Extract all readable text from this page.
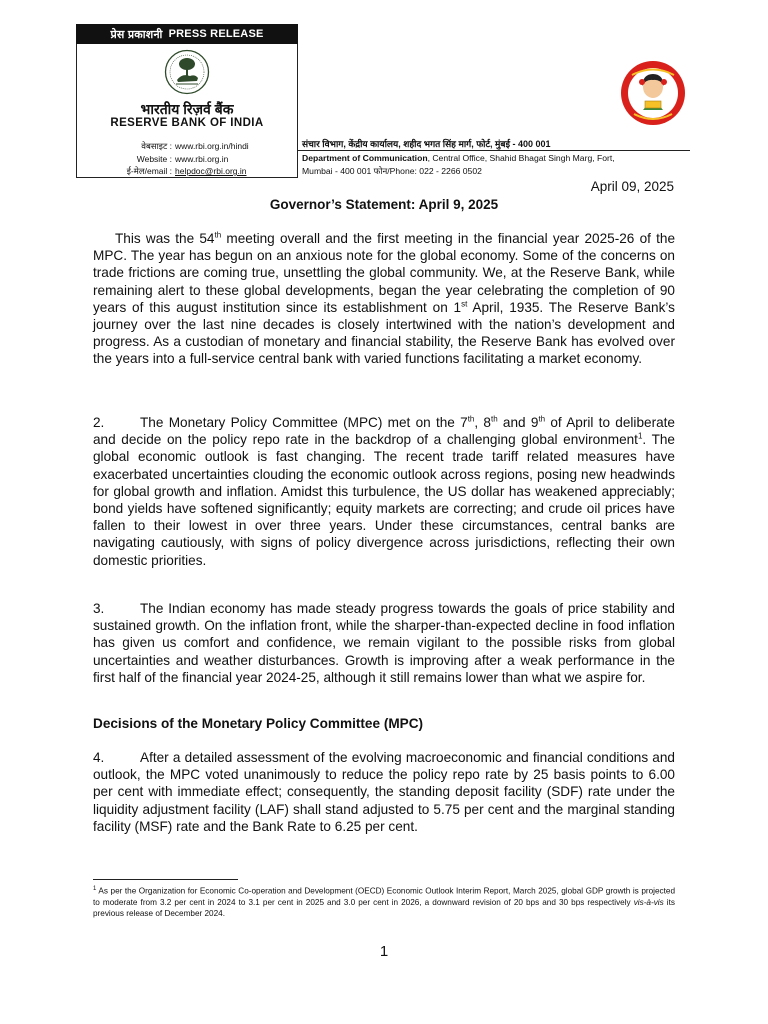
प्रेस प्रकाशनी PRESS RELEASE
भारतीय रिज़र्व बैंक
RESERVE BANK OF INDIA
वेबसाइट : www.rbi.org.in/hindi
Website : www.rbi.org.in
ई-मेल/email : helpdoc@rbi.org.in
संचार विभाग, केंद्रीय कार्यालय, शहीद भगत सिंह मार्ग, फोर्ट, मुंबई - 400 001
Department of Communication, Central Office, Shahid Bhagat Singh Marg, Fort,
Mumbai - 400 001 फोन/Phone: 022 - 2266 0502
April 09, 2025
Governor’s Statement: April 9, 2025

This was the 54th meeting overall and the first meeting in the financial year 2025-26 of the MPC. The year has begun on an anxious note for the global economy. Some of the concerns on trade frictions are coming true, unsettling the global community. We, at the Reserve Bank, while remaining alert to these global developments, began the year celebrating the completion of 90 years of this august institution since its establishment on 1st April, 1935. The Reserve Bank’s journey over the last nine decades is closely intertwined with the nation’s development and progress. As a custodian of monetary and financial stability, the Reserve Bank has evolved over the years into a full-service central bank with varied functions facilitating a market economy.

2.	The Monetary Policy Committee (MPC) met on the 7th, 8th and 9th of April to deliberate and decide on the policy repo rate in the backdrop of a challenging global environment$^1$. The global economic outlook is fast changing. The recent trade tariff related measures have exacerbated uncertainties clouding the economic outlook across regions, posing new headwinds for global growth and inflation. Amidst this turbulence, the US dollar has weakened appreciably; bond yields have softened significantly; equity markets are correcting; and crude oil prices have fallen to their lowest in over three years. Under these circumstances, central banks are navigating cautiously, with signs of policy divergence across jurisdictions, reflecting their own domestic priorities.

3.	The Indian economy has made steady progress towards the goals of price stability and sustained growth. On the inflation front, while the sharper-than-expected decline in food inflation has given us comfort and confidence, we remain vigilant to the possible risks from global uncertainties and weather disturbances. Growth is improving after a weak performance in the first half of the financial year 2024-25, although it still remains lower than what we aspire for.

Decisions of the Monetary Policy Committee (MPC)

4.	After a detailed assessment of the evolving macroeconomic and financial conditions and outlook, the MPC voted unanimously to reduce the policy repo rate by 25 basis points to 6.00 per cent with immediate effect; consequently, the standing deposit facility (SDF) rate under the liquidity adjustment facility (LAF) shall stand adjusted to 5.75 per cent and the marginal standing facility (MSF) rate and the Bank Rate to 6.25 per cent.

$^1$ As per the Organization for Economic Co-operation and Development (OECD) Economic Outlook Interim Report, March 2025, global GDP growth is projected to moderate from 3.2 per cent in 2024 to 3.1 per cent in 2025 and 3.0 per cent in 2026, a downward revision of 20 bps and 30 bps respectively vis-à-vis its previous release of December 2024.

1
